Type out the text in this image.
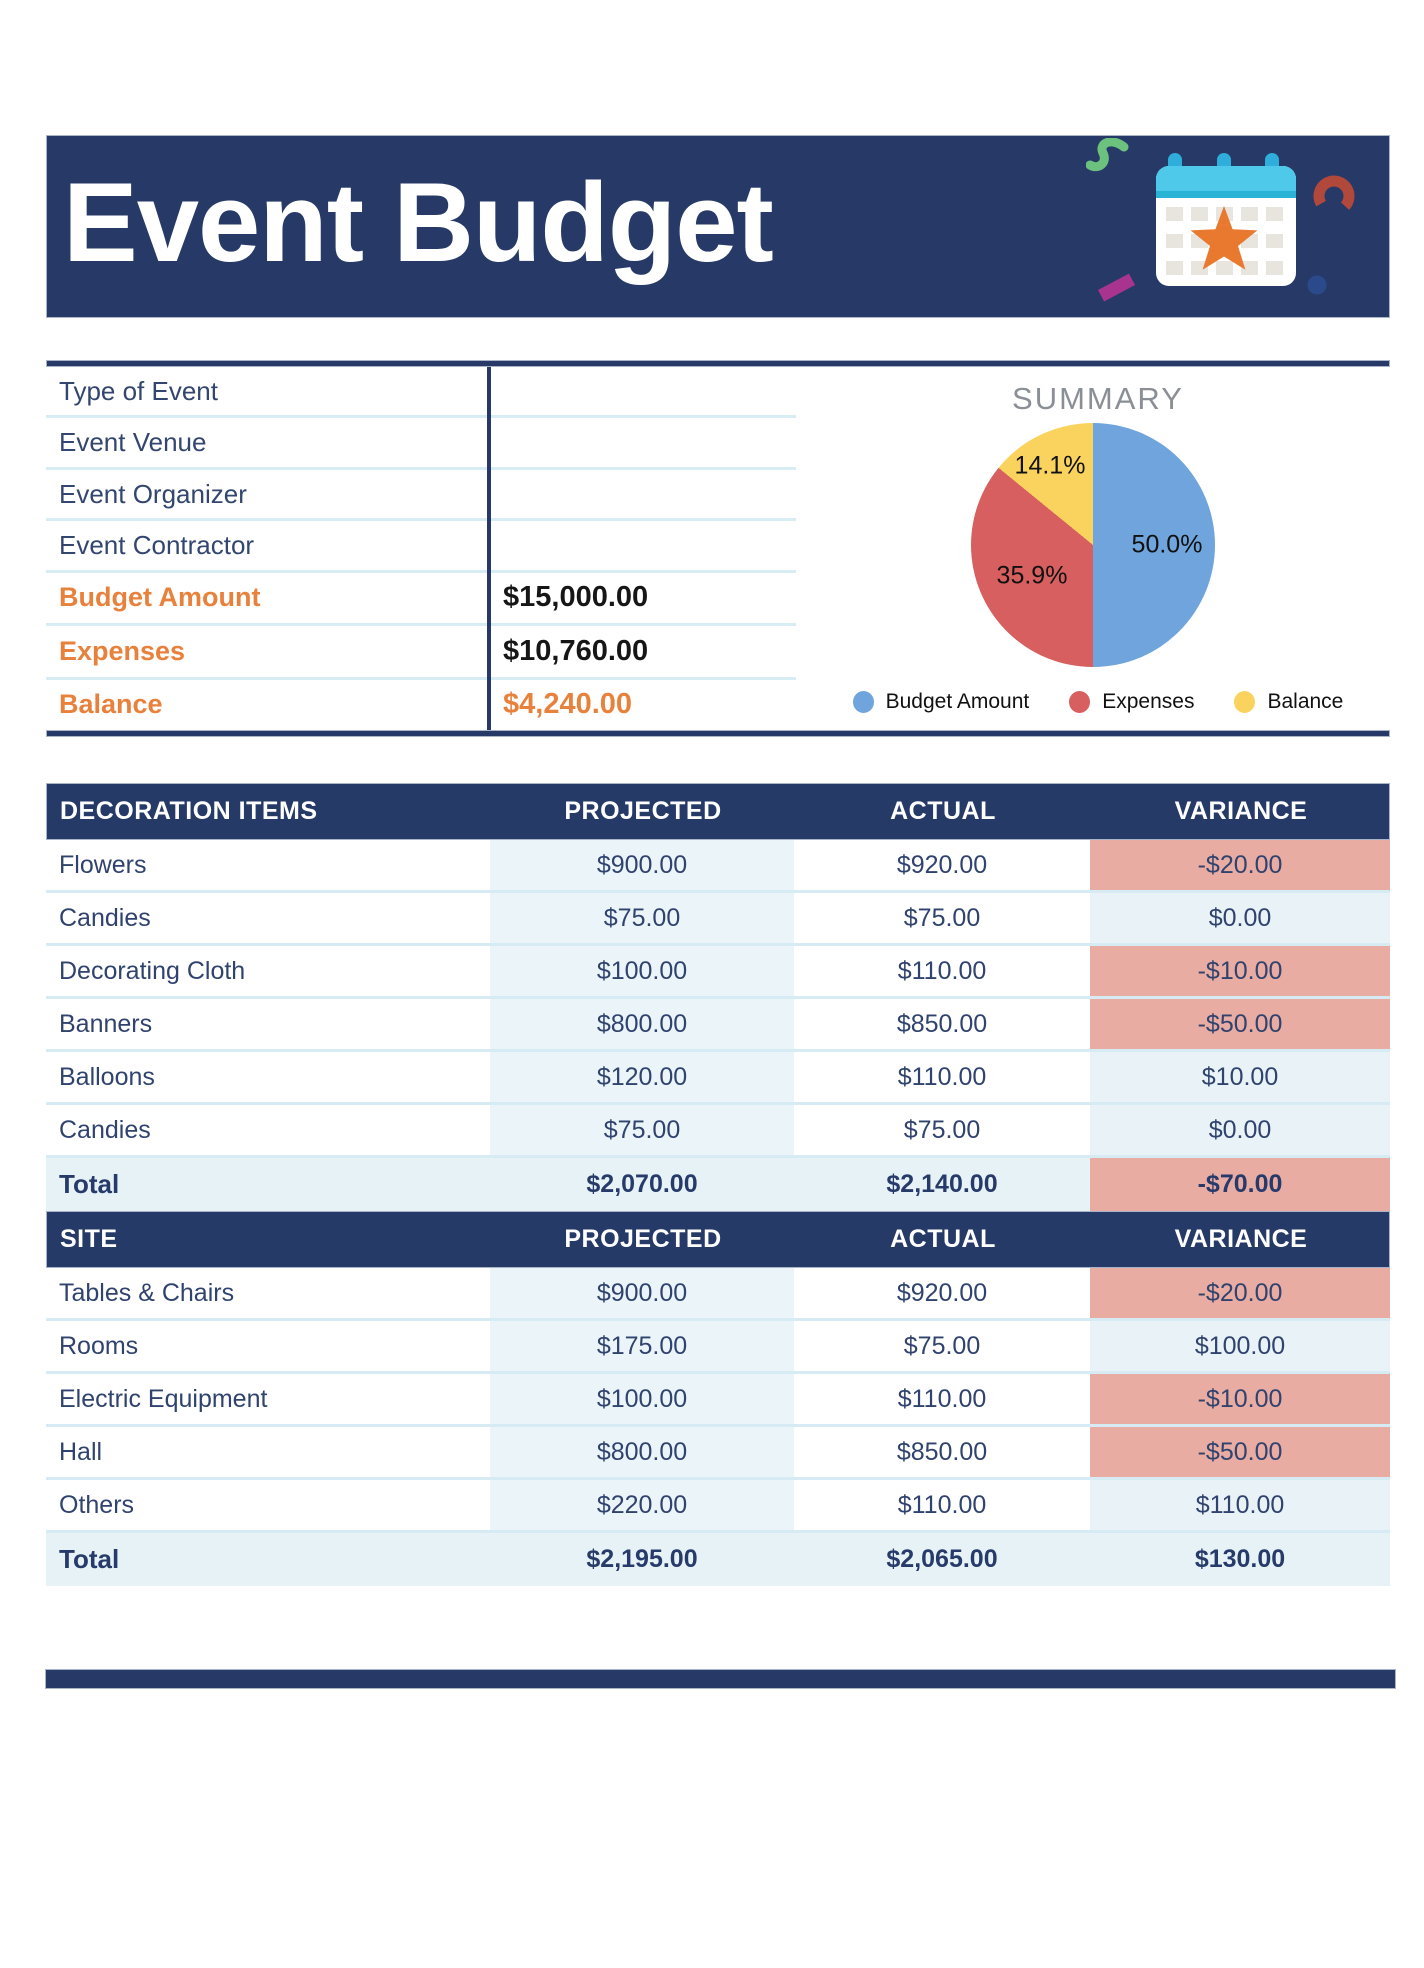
Event Budget
Type of Event
Event Venue
Event Organizer
Event Contractor
Budget Amount	$15,000.00
Expenses	$10,760.00
Balance	$4,240.00
SUMMARY
50.0%
35.9%
14.1%
Budget Amount	Expenses	Balance
DECORATION ITEMS	PROJECTED	ACTUAL	VARIANCE
Flowers	$900.00	$920.00	-$20.00
Candies	$75.00	$75.00	$0.00
Decorating Cloth	$100.00	$110.00	-$10.00
Banners	$800.00	$850.00	-$50.00
Balloons	$120.00	$110.00	$10.00
Candies	$75.00	$75.00	$0.00
Total	$2,070.00	$2,140.00	-$70.00
SITE	PROJECTED	ACTUAL	VARIANCE
Tables & Chairs	$900.00	$920.00	-$20.00
Rooms	$175.00	$75.00	$100.00
Electric Equipment	$100.00	$110.00	-$10.00
Hall	$800.00	$850.00	-$50.00
Others	$220.00	$110.00	$110.00
Total	$2,195.00	$2,065.00	$130.00
